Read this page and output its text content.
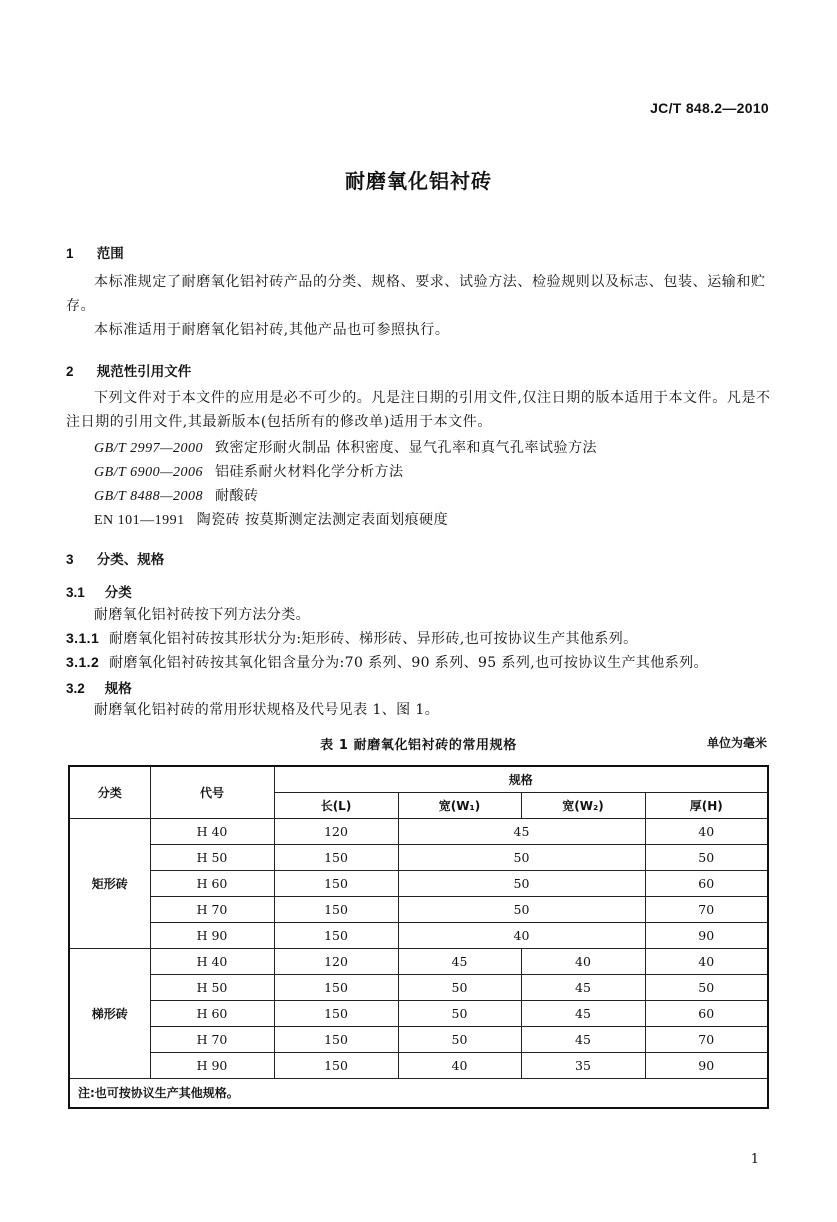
JC/T 848.2—2010
耐磨氧化铝衬砖
1 范围

本标准规定了耐磨氧化铝衬砖产品的分类、规格、要求、试验方法、检验规则以及标志、包装、运输和贮存。

本标准适用于耐磨氧化铝衬砖,其他产品也可参照执行。

2 规范性引用文件

下列文件对于本文件的应用是必不可少的。凡是注日期的引用文件,仅注日期的版本适用于本文件。凡是不注日期的引用文件,其最新版本(包括所有的修改单)适用于本文件。

GB/T 2997—2000 致密定形耐火制品 体积密度、显气孔率和真气孔率试验方法
GB/T 6900—2006 铝硅系耐火材料化学分析方法
GB/T 8488—2008 耐酸砖
EN 101—1991 陶瓷砖 按莫斯测定法测定表面划痕硬度
3 分类、规格
3.1 分类
耐磨氧化铝衬砖按下列方法分类。
3.1.1 耐磨氧化铝衬砖按其形状分为:矩形砖、梯形砖、异形砖,也可按协议生产其他系列。
3.1.2 耐磨氧化铝衬砖按其氧化铝含量分为:70 系列、90 系列、95 系列,也可按协议生产其他系列。
3.2 规格
耐磨氧化铝衬砖的常用形状规格及代号见表 1、图 1。
表 1 耐磨氧化铝衬砖的常用规格	单位为毫米
分类	代号	规格			
		长(L)	宽(W₁)	宽(W₂)	厚(H)
矩形砖	H 40	120	45		40
	H 50	150	50		50
	H 60	150	50		60
	H 70	150	50		70
	H 90	150	40		90
梯形砖	H 40	120	45	40	40
	H 50	150	50	45	50
	H 60	150	50	45	60
	H 70	150	50	45	70
	H 90	150	40	35	90
注:也可按协议生产其他规格。					
1
